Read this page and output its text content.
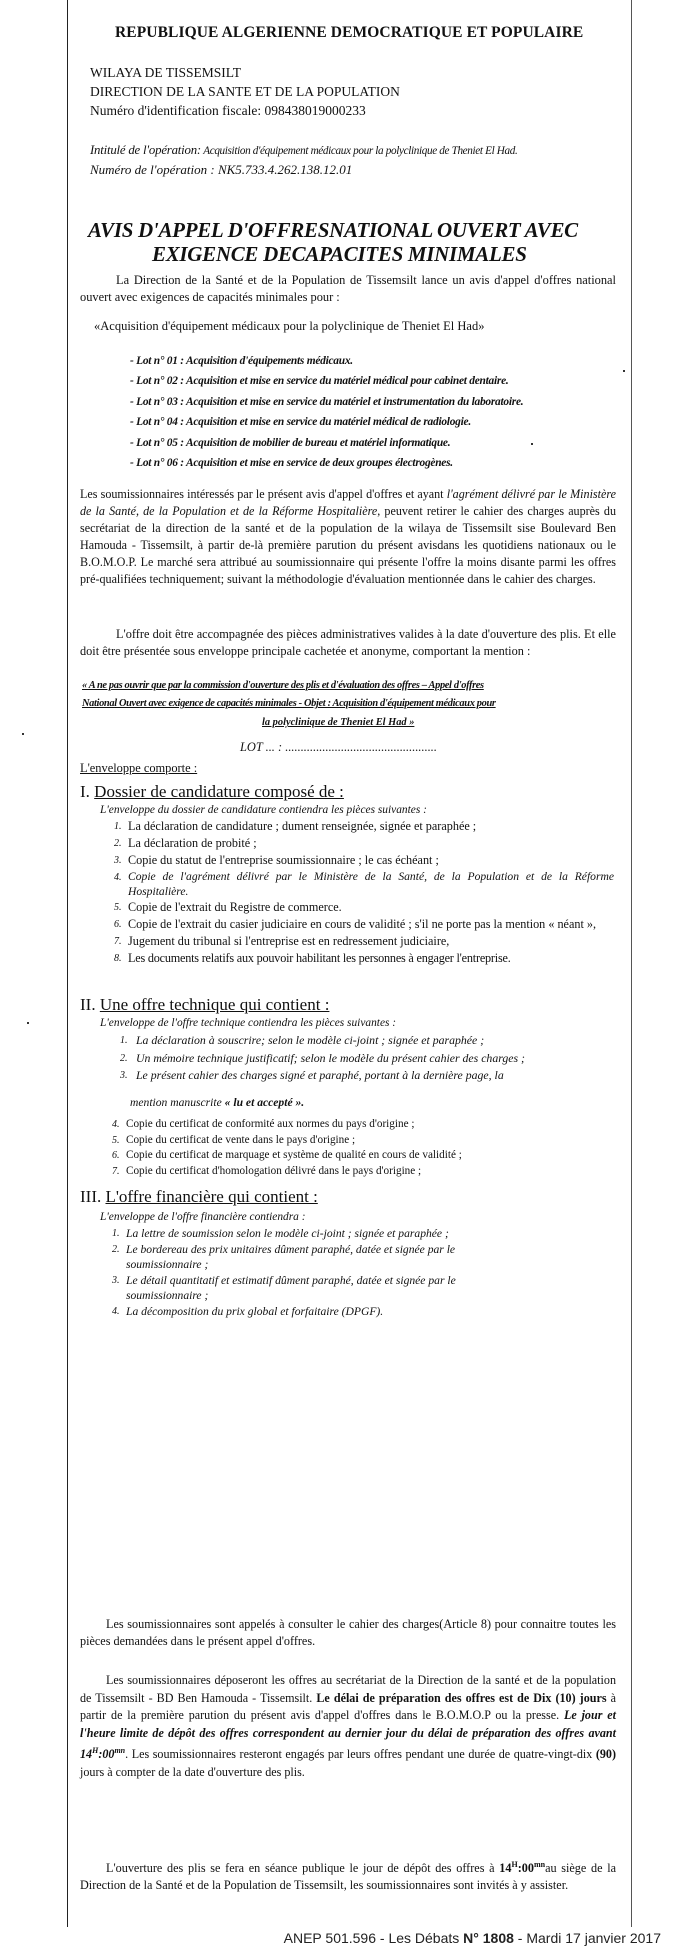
REPUBLIQUE ALGERIENNE DEMOCRATIQUE ET POPULAIRE
WILAYA DE TISSEMSILT
DIRECTION DE LA SANTE ET DE LA POPULATION
Numéro d'identification fiscale: 098438019000233
Intitulé de l'opération: Acquisition d'équipement médicaux pour la polyclinique de Theniet El Had.
Numéro de l'opération : NK5.733.4.262.138.12.01
AVIS D'APPEL D'OFFRESNATIONAL OUVERT AVEC
EXIGENCE DECAPACITES MINIMALES
La Direction de la Santé et de la Population de Tissemsilt lance un avis d'appel d'offres national ouvert avec exigences de capacités minimales pour :
«Acquisition d'équipement médicaux pour la polyclinique de Theniet El Had»
- Lot n° 01 : Acquisition d'équipements médicaux.
- Lot n° 02 : Acquisition et mise en service du matériel médical pour cabinet dentaire.
- Lot n° 03 : Acquisition et mise en service du matériel et instrumentation du laboratoire.
- Lot n° 04 : Acquisition et mise en service du matériel médical de radiologie.
- Lot n° 05 : Acquisition de mobilier de bureau et matériel informatique.
- Lot n° 06 : Acquisition et mise en service de deux groupes électrogènes.
Les soumissionnaires intéressés par le présent avis d'appel d'offres et ayant l'agrément délivré par le Ministère de la Santé, de la Population et de la Réforme Hospitalière, peuvent retirer le cahier des charges auprès du secrétariat de la direction de la santé et de la population de la wilaya de Tissemsilt sise Boulevard Ben Hamouda - Tissemsilt, à partir de-là première parution du présent avisdans les quotidiens nationaux ou le B.O.M.O.P. Le marché sera attribué au soumissionnaire qui présente l'offre la moins disante parmi les offres pré-qualifiées techniquement; suivant la méthodologie d'évaluation mentionnée dans le cahier des charges.
L'offre doit être accompagnée des pièces administratives valides à la date d'ouverture des plis. Et elle doit être présentée sous enveloppe principale cachetée et anonyme, comportant la mention :
« A ne pas ouvrir que par la commission d'ouverture des plis et d'évaluation des offres – Appel d'offres
National Ouvert avec exigence de capacités minimales - Objet : Acquisition d'équipement médicaux pour
la polyclinique de Theniet El Had »
LOT ... : .................................................
L'enveloppe comporte :
I. Dossier de candidature composé de :
L'enveloppe du dossier de candidature contiendra les pièces suivantes :
1. La déclaration de candidature ; dument renseignée, signée et paraphée ;
2. La déclaration de probité ;
3. Copie du statut de l'entreprise soumissionnaire ; le cas échéant ;
4. Copie de l'agrément délivré par le Ministère de la Santé, de la Population et de la Réforme Hospitalière.
5. Copie de l'extrait du Registre de commerce.
6. Copie de l'extrait du casier judiciaire en cours de validité ; s'il ne porte pas la mention « néant »,
7. Jugement du tribunal si l'entreprise est en redressement judiciaire,
8. Les documents relatifs aux pouvoir habilitant les personnes à engager l'entreprise.
II. Une offre technique qui contient :
L'enveloppe de l'offre technique contiendra les pièces suivantes :
1. La déclaration à souscrire; selon le modèle ci-joint ; signée et paraphée ;
2. Un mémoire technique justificatif; selon le modèle du présent cahier des charges ;
3. Le présent cahier des charges signé et paraphé, portant à la dernière page, la
mention manuscrite « lu et accepté ».
4. Copie du certificat de conformité aux normes du pays d'origine ;
5. Copie du certificat de vente dans le pays d'origine ;
6. Copie du certificat de marquage et système de qualité en cours de validité ;
7. Copie du certificat d'homologation délivré dans le pays d'origine ;
III. L'offre financière qui contient :
L'enveloppe de l'offre financière contiendra :
1. La lettre de soumission selon le modèle ci-joint ; signée et paraphée ;
2. Le bordereau des prix unitaires dûment paraphé, datée et signée par le soumissionnaire ;
3. Le détail quantitatif et estimatif dûment paraphé, datée et signée par le soumissionnaire ;
4. La décomposition du prix global et forfaitaire (DPGF).
Les soumissionnaires sont appelés à consulter le cahier des charges(Article 8) pour connaitre toutes les pièces demandées dans le présent appel d'offres.
Les soumissionnaires déposeront les offres au secrétariat de la Direction de la santé et de la population de Tissemsilt - BD Ben Hamouda - Tissemsilt. Le délai de préparation des offres est de Dix (10) jours à partir de la première parution du présent avis d'appel d'offres dans le B.O.M.O.P ou la presse. Le jour et l'heure limite de dépôt des offres correspondent au dernier jour du délai de préparation des offres avant $14^H:00^{mn}$. Les soumissionnaires resteront engagés par leurs offres pendant une durée de quatre-vingt-dix (90) jours à compter de la date d'ouverture des plis.
L'ouverture des plis se fera en séance publique le jour de dépôt des offres à $14^H:00^{mn}au$ siège de la Direction de la Santé et de la Population de Tissemsilt, les soumissionnaires sont invités à y assister.
ANEP 501.596 - Les Débats N° 1808 - Mardi 17 janvier 2017
